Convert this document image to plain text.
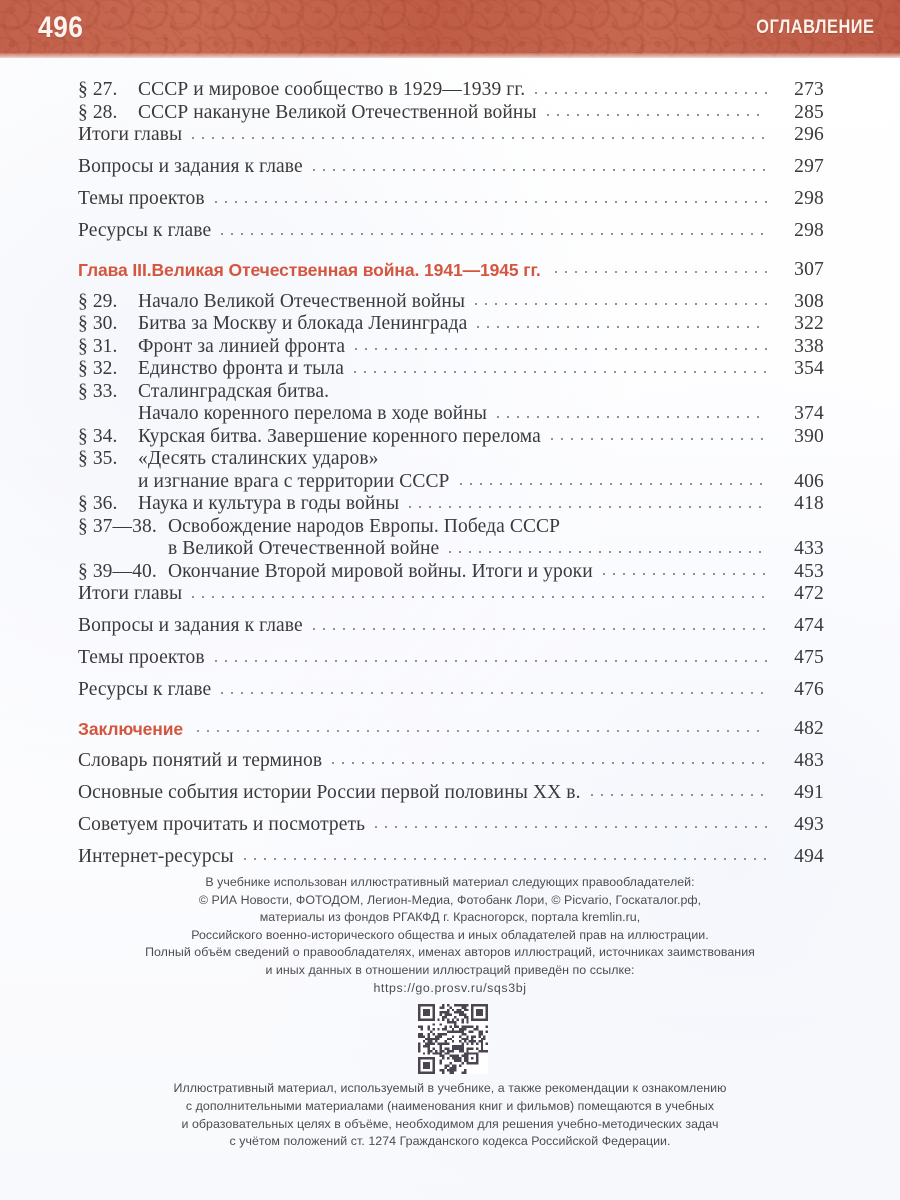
496	ОГЛАВЛЕНИЕ
§ 27.	СССР и мировое сообщество в 1929—1939 гг.	273
§ 28.	СССР накануне Великой Отечественной войны	285
Итоги главы	296
Вопросы и задания к главе	297
Темы проектов	298
Ресурсы к главе	298
Глава III. Великая Отечественная война. 1941—1945 гг.	307
§ 29.	Начало Великой Отечественной войны	308
§ 30.	Битва за Москву и блокада Ленинграда	322
§ 31.	Фронт за линией фронта	338
§ 32.	Единство фронта и тыла	354
§ 33.	Сталинградская битва.
Начало коренного перелома в ходе войны	374
§ 34.	Курская битва. Завершение коренного перелома	390
§ 35.	«Десять сталинских ударов»
и изгнание врага с территории СССР	406
§ 36.	Наука и культура в годы войны	418
§ 37—38. Освобождение народов Европы. Победа СССР
в Великой Отечественной войне	433
§ 39—40. Окончание Второй мировой войны. Итоги и уроки	453
Итоги главы	472
Вопросы и задания к главе	474
Темы проектов	475
Ресурсы к главе	476
Заключение	482
Словарь понятий и терминов	483
Основные события истории России первой половины XX в.	491
Советуем прочитать и посмотреть	493
Интернет-ресурсы	494
В учебнике использован иллюстративный материал следующих правообладателей:
© РИА Новости, ФОТОДОМ, Легион-Медиа, Фотобанк Лори, © Picvario, Госкаталог.рф,
материалы из фондов РГАКФД г. Красногорск, портала kremlin.ru,
Российского военно-исторического общества и иных обладателей прав на иллюстрации.
Полный объём сведений о правообладателях, именах авторов иллюстраций, источниках заимствования
и иных данных в отношении иллюстраций приведён по ссылке:
https://go.prosv.ru/sqs3bj
Иллюстративный материал, используемый в учебнике, а также рекомендации к ознакомлению
с дополнительными материалами (наименования книг и фильмов) помещаются в учебных
и образовательных целях в объёме, необходимом для решения учебно-методических задач
с учётом положений ст. 1274 Гражданского кодекса Российской Федерации.
